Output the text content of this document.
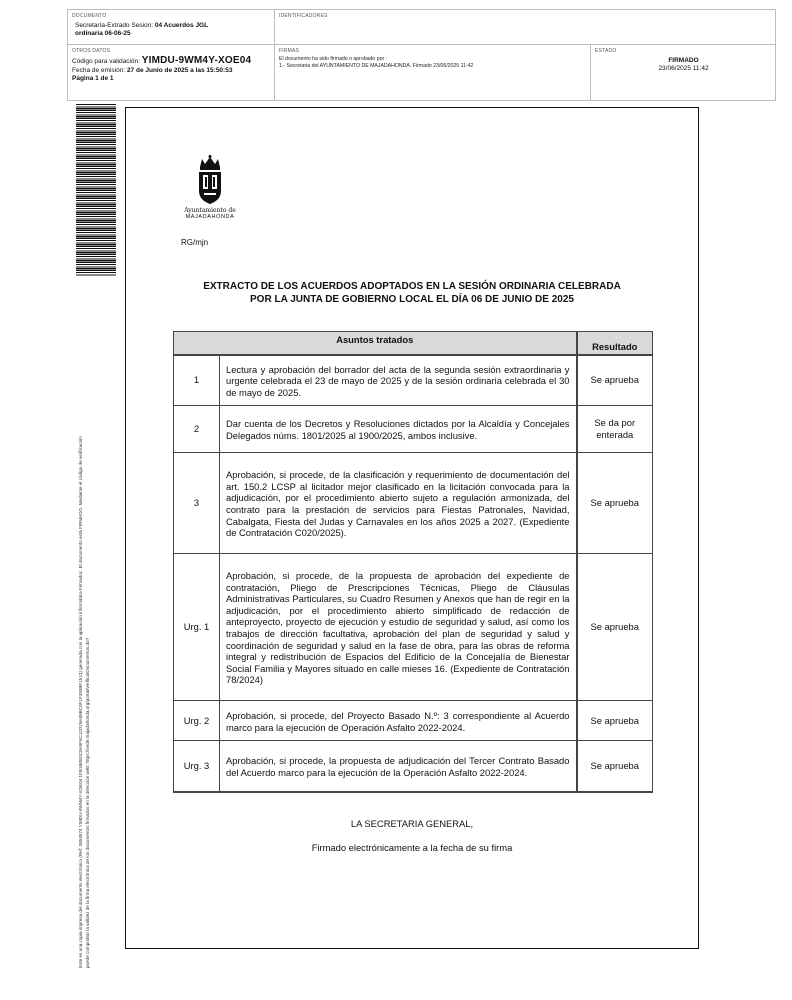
DOCUMENTO
Secretaría-Extrado Sesion: 04 Acuerdos JGL
ordinaria 06-06-25
IDENTIFICADORES
OTROS DATOS
Código para validación: YIMDU-9WM4Y-XOE04
Fecha de emisión: 27 de Junio de 2025 a las 15:50:53
Página 1 de 1
FIRMAS
El documento ha sido firmado o aprobado por :
1.- Secretaria del AYUNTAMIENTO DE MAJADAHONDA. Firmado 23/06/2025 11:42
ESTADO
FIRMADO
23/06/2025 11:42
Este es una copia impresa del documento electrónico (Ref: 3854574 YIMDU-9WM4Y-XOE04 1FB1B0E0C9A5F4C12D29A89BC0F1F393BF1513) generada con la aplicación informática Firmadoc. El documento está FIRMADO. Mediante el código de verificación puede comprobar la validez de la firma electrónica de los documentos firmados en la dirección web: https://sede.majadahonda.org/portal/verificarDocumentos.do?
Ayuntamiento de
MAJADAHONDA
RG/mjn
EXTRACTO DE LOS ACUERDOS ADOPTADOS EN LA SESIÓN ORDINARIA CELEBRADA
POR LA JUNTA DE GOBIERNO LOCAL EL DÍA 06 DE JUNIO DE 2025
Asuntos tratados		Resultado
1	Lectura y aprobación del borrador del acta de la segunda sesión extraordinaria y urgente celebrada el 23 de mayo de 2025 y de la sesión ordinaria celebrada el 30 de mayo de 2025.	Se aprueba
2	Dar cuenta de los Decretos y Resoluciones dictados por la Alcaldía y Concejales Delegados núms. 1801/2025 al 1900/2025, ambos inclusive.	Se da por enterada
3	Aprobación, si procede, de la clasificación y requerimiento de documentación del art. 150.2 LCSP al licitador mejor clasificado en la licitación convocada para la adjudicación, por el procedimiento abierto sujeto a regulación armonizada, del contrato para la prestación de servicios para Fiestas Patronales, Navidad, Cabalgata, Fiesta del Judas y Carnavales en los años 2025 a 2027. (Expediente de Contratación C020/2025).	Se aprueba
Urg. 1	Aprobación, si procede, de la propuesta de aprobación del expediente de contratación, Pliego de Prescripciones Técnicas, Pliego de Cláusulas Administrativas Particulares, su Cuadro Resumen y Anexos que han de regir en la adjudicación, por el procedimiento abierto simplificado de redacción de anteproyecto, proyecto de ejecución y estudio de seguridad y salud, así como los trabajos de dirección facultativa, aprobación del plan de seguridad y salud y coordinación de seguridad y salud en la fase de obra, para las obras de reforma integral y redistribución de Espacios del Edificio de la Concejalía de Bienestar Social Familia y Mayores situado en calle mieses 16. (Expediente de Contratación 78/2024)	Se aprueba
Urg. 2	Aprobación, si procede, del Proyecto Basado N.º: 3 correspondiente al Acuerdo marco para la ejecución de Operación Asfalto 2022-2024.	Se aprueba
Urg. 3	Aprobación, si procede, la propuesta de adjudicación del Tercer Contrato Basado del Acuerdo marco para la ejecución de la Operación Asfalto 2022-2024.	Se aprueba
LA SECRETARIA GENERAL,
Firmado electrónicamente a la fecha de su firma
